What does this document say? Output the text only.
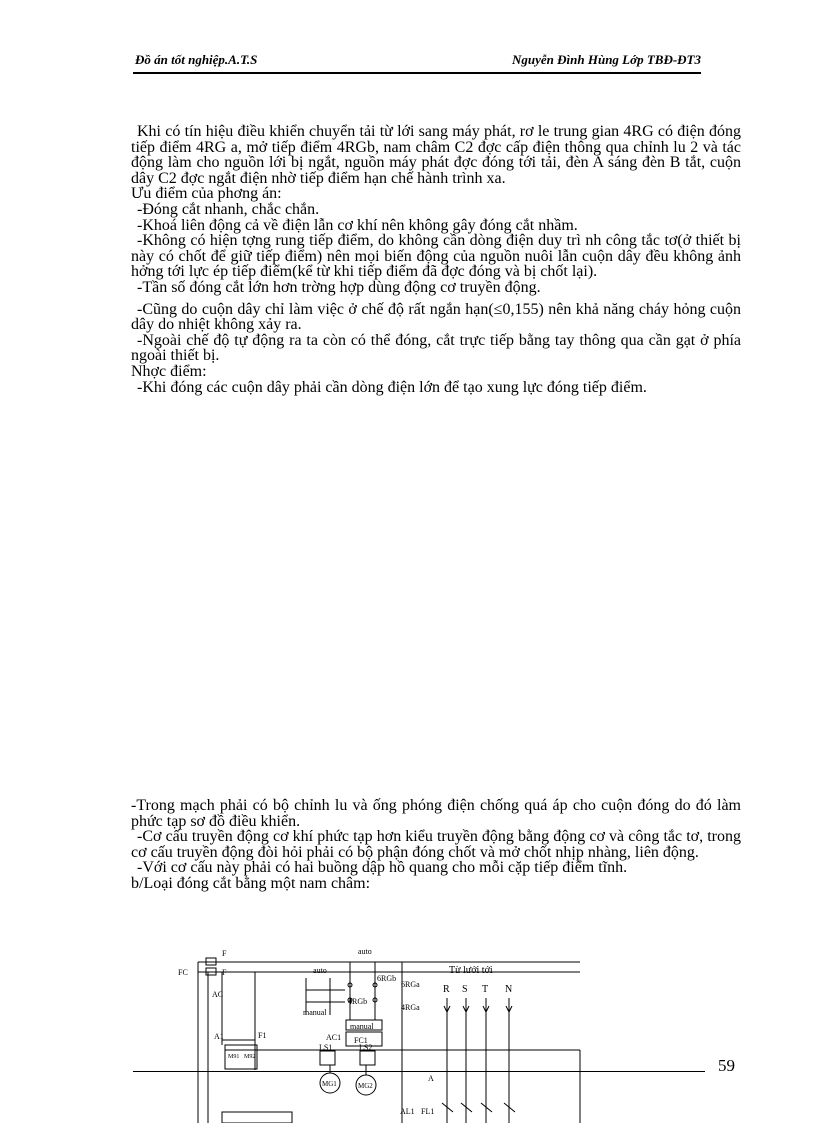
Đồ án tốt nghiệp.A.T.S	Nguyễn Đình Hùng Lớp TBĐ-ĐT3

Khi có tín hiệu điều khiển chuyển tải từ lới sang máy phát, rơ le trung gian 4RG có điện đóng tiếp điểm 4RG a, mở tiếp điểm 4RGb, nam châm C2 đợc cấp điện thông qua chỉnh lu 2 và tác động làm cho nguồn lới bị ngắt, nguồn máy phát đợc đóng tới tải, đèn A sáng đèn B tắt, cuộn dây C2 đợc ngắt điện nhờ tiếp điểm hạn chế hành trình xa.

Ưu điểm của phơng án:

-Đóng cắt nhanh, chắc chắn.

-Khoá liên động cả về điện lẫn cơ khí nên không gây đóng cắt nhầm.

-Không có hiện tợng rung tiếp điểm, do không cần dòng điện duy trì nh công tắc tơ(ở thiết bị này có chốt để giữ tiếp điểm) nên mọi biến động của nguồn nuôi lẫn cuộn dây đều không ảnh hởng tới lực ép tiếp điểm(kể từ khi tiếp điểm đã đợc đóng và bị chốt lại).

-Tần số đóng cắt lớn hơn trờng hợp dùng động cơ truyền động.

-Cũng do cuộn dây chỉ làm việc ở chế độ rất ngắn hạn(≤0,155) nên khả năng cháy hỏng cuộn dây do nhiệt không xảy ra.

-Ngoài chế độ tự động ra ta còn có thể đóng, cắt trực tiếp bằng tay thông qua cần gạt ở phía ngoài thiết bị.

Nhợc điểm:

-Khi đóng các cuộn dây phải cần dòng điện lớn để tạo xung lực đóng tiếp điểm.

-Trong mạch phải có bộ chỉnh lu và ống phóng điện chống quá áp cho cuộn đóng do đó làm phức tạp sơ đồ điều khiển.

-Cơ cấu truyền động cơ khí phức tạp hơn kiểu truyền động bằng động cơ và công tắc tơ, trong cơ cấu truyền động đòi hỏi phải có bộ phận đóng chốt và mở chốt nhịp nhàng, liên động.

-Với cơ cấu này phải có hai buồng dập hồ quang cho mỗi cặp tiếp điểm tĩnh.

b/Loại đóng cắt bằng một nam châm:

F
F
FC
AC
auto
auto
6RGb
6RGa
4RGb
4RGa
manual
manual
A1	F1	AC1 FC1
M91 M92
LS1	LS2
MG1	MG2
A
AL1 FL1
Từ lưới tới
R S T N
59
